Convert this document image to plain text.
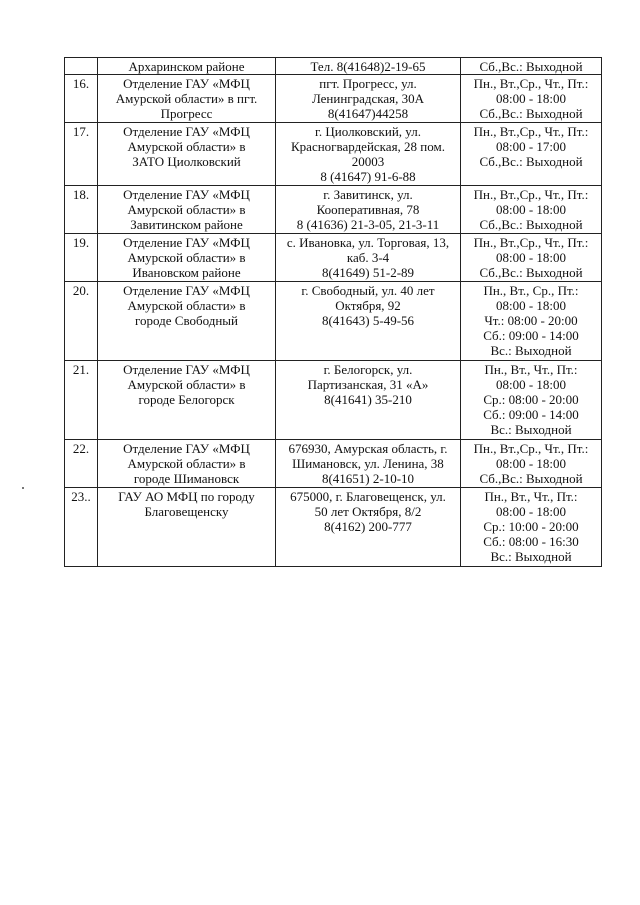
	Архаринском районе	Тел. 8(41648)2-19-65	Сб.,Вс.: Выходной

16.	Отделение ГАУ «МФЦ
Амурской области» в пгт.
Прогресс	пгт. Прогресс, ул.
Ленинградская, 30А
8(41647)44258	Пн., Вт.,Ср., Чт., Пт.:
08:00 - 18:00
Сб.,Вс.: Выходной

17.	Отделение ГАУ «МФЦ
Амурской области» в
ЗАТО Циолковский	г. Циолковский, ул.
Красногвардейская, 28 пом.
20003
8 (41647) 91-6-88	Пн., Вт.,Ср., Чт., Пт.:
08:00 - 17:00
Сб.,Вс.: Выходной

18.	Отделение ГАУ «МФЦ
Амурской области» в
Завитинском районе	г. Завитинск, ул.
Кооперативная, 78
8 (41636) 21-3-05, 21-3-11	Пн., Вт.,Ср., Чт., Пт.:
08:00 - 18:00
Сб.,Вс.: Выходной

19.	Отделение ГАУ «МФЦ
Амурской области» в
Ивановском районе	с. Ивановка, ул. Торговая, 13,
каб. 3-4
8(41649) 51-2-89	Пн., Вт.,Ср., Чт., Пт.:
08:00 - 18:00
Сб.,Вс.: Выходной

20.	Отделение ГАУ «МФЦ
Амурской области» в
городе Свободный	г. Свободный, ул. 40 лет
Октября, 92
8(41643) 5-49-56	Пн., Вт., Ср., Пт.:
08:00 - 18:00
Чт.: 08:00 - 20:00
Сб.: 09:00 - 14:00
Вс.: Выходной

21.	Отделение ГАУ «МФЦ
Амурской области» в
городе Белогорск	г. Белогорск, ул.
Партизанская, 31 «А»
8(41641) 35-210	Пн., Вт., Чт., Пт.:
08:00 - 18:00
Ср.: 08:00 - 20:00
Сб.: 09:00 - 14:00
Вс.: Выходной

22.	Отделение ГАУ «МФЦ
Амурской области» в
городе Шимановск	676930, Амурская область, г.
Шимановск, ул. Ленина, 38
8(41651) 2-10-10	Пн., Вт.,Ср., Чт., Пт.:
08:00 - 18:00
Сб.,Вс.: Выходной

23..	ГАУ АО МФЦ по городу
Благовещенску	675000, г. Благовещенск, ул.
50 лет Октября, 8/2
8(4162) 200-777	Пн., Вт., Чт., Пт.:
08:00 - 18:00
Ср.: 10:00 - 20:00
Сб.: 08:00 - 16:30
Вс.: Выходной
